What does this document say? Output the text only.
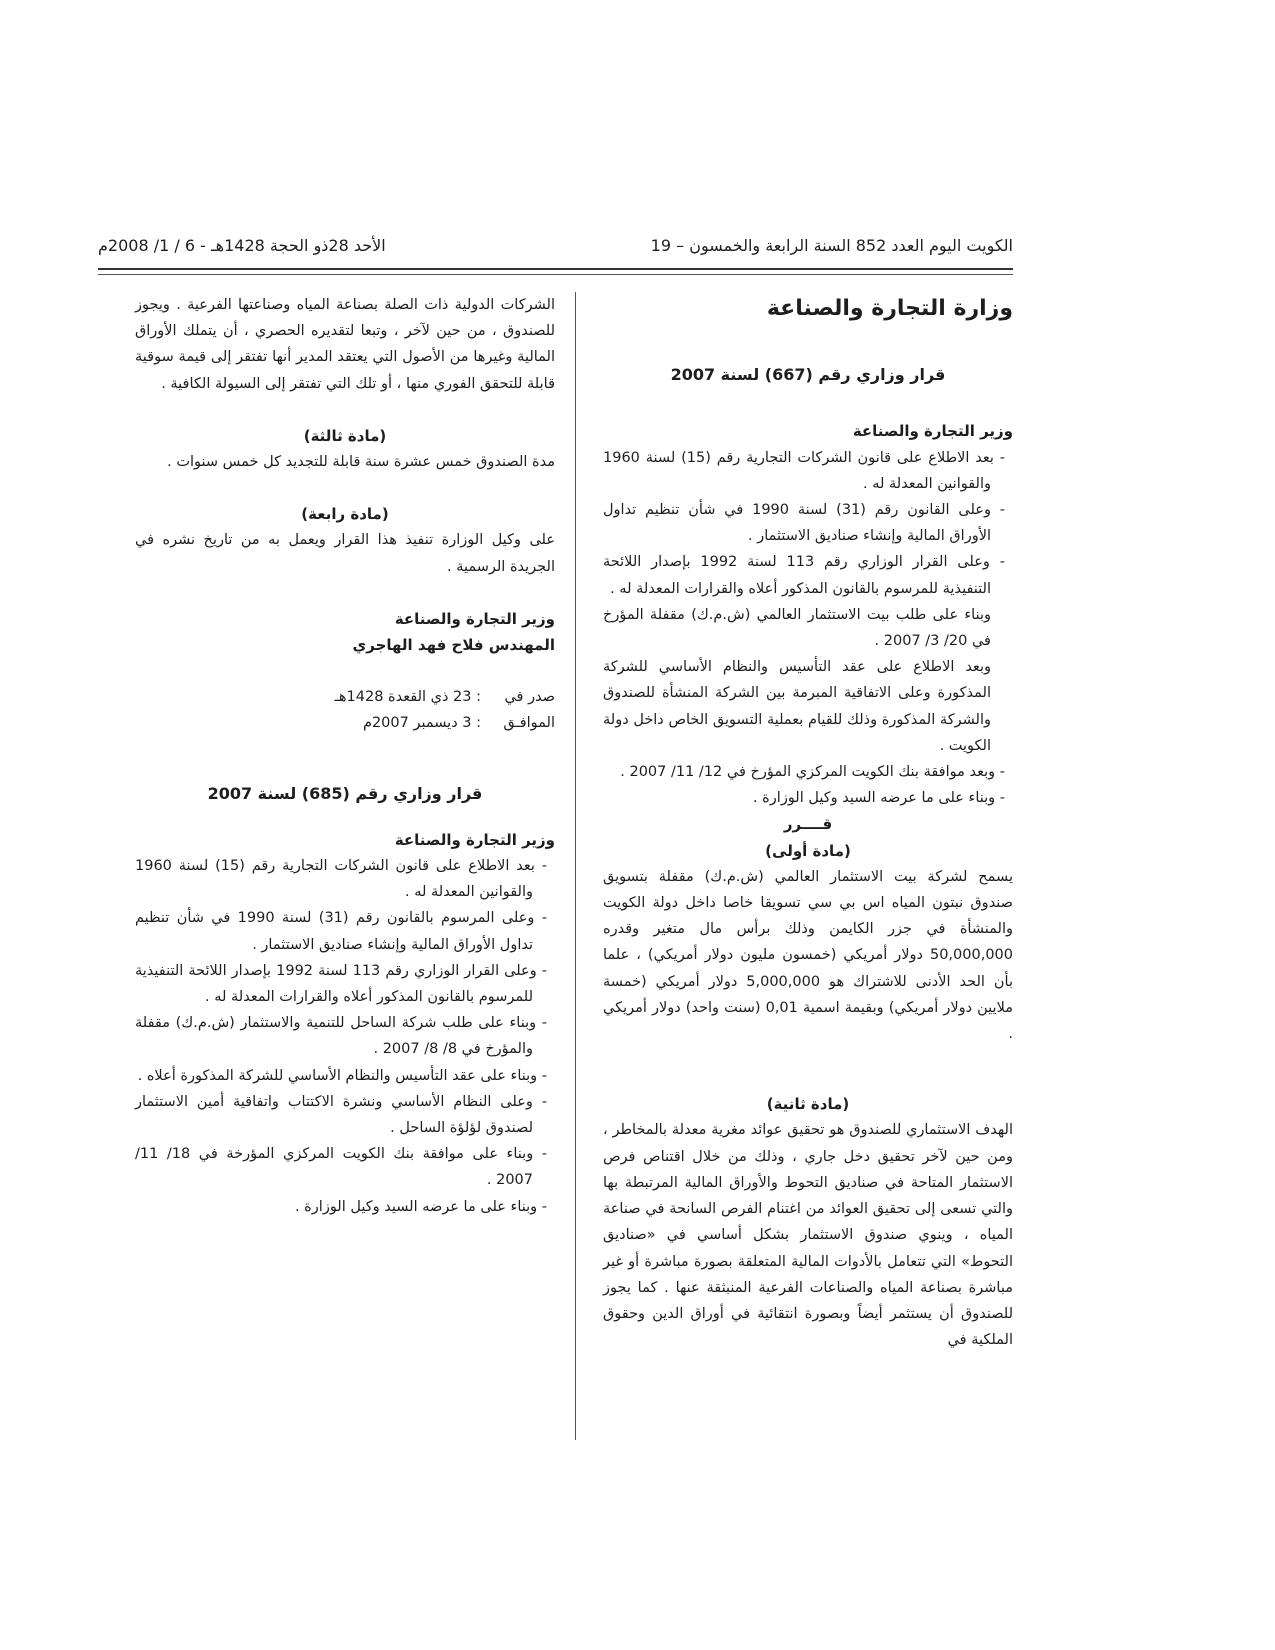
الكويت اليوم العدد 852 السنة الرابعة والخمسون – 19
الأحد 28ذو الحجة 1428هـ - 6 / 1/ 2008م

وزارة التجارة والصناعة

قرار وزاري رقم (667) لسنة 2007

وزير التجارة والصناعة

- بعد الاطلاع على قانون الشركات التجارية رقم (15) لسنة 1960 والقوانين المعدلة له .

- وعلى القانون رقم (31) لسنة 1990 في شأن تنظيم تداول الأوراق المالية وإنشاء صناديق الاستثمار .

- وعلى القرار الوزاري رقم 113 لسنة 1992 بإصدار اللائحة التنفيذية للمرسوم بالقانون المذكور أعلاه والقرارات المعدلة له .

وبناء على طلب بيت الاستثمار العالمي (ش.م.ك) مقفلة المؤرخ في 20/ 3/ 2007 .

وبعد الاطلاع على عقد التأسيس والنظام الأساسي للشركة المذكورة وعلى الاتفاقية المبرمة بين الشركة المنشأة للصندوق والشركة المذكورة وذلك للقيام بعملية التسويق الخاص داخل دولة الكويت .

- وبعد موافقة بنك الكويت المركزي المؤرخ في 12/ 11/ 2007 .

- وبناء على ما عرضه السيد وكيل الوزارة .

قــــرر

(مادة أولى)

يسمح لشركة بيت الاستثمار العالمي (ش.م.ك) مقفلة بتسويق صندوق نبتون المياه اس بي سي تسويقا خاصا داخل دولة الكويت والمنشأة في جزر الكايمن وذلك برأس مال متغير وقدره 50,000,000 دولار أمريكي (خمسون مليون دولار أمريكي) ، علما بأن الحد الأدنى للاشتراك هو 5,000,000 دولار أمريكي (خمسة ملايين دولار أمريكي) وبقيمة اسمية 0,01 (سنت واحد) دولار أمريكي .

(مادة ثانية)

الهدف الاستثماري للصندوق هو تحقيق عوائد مغرية معدلة بالمخاطر ، ومن حين لآخر تحقيق دخل جاري ، وذلك من خلال اقتناص فرص الاستثمار المتاحة في صناديق التحوط والأوراق المالية المرتبطة بها والتي تسعى إلى تحقيق العوائد من اغتنام الفرص السانحة في صناعة المياه ، وينوي صندوق الاستثمار بشكل أساسي في «صناديق التحوط» التي تتعامل بالأدوات المالية المتعلقة بصورة مباشرة أو غير مباشرة بصناعة المياه والصناعات الفرعية المنبثقة عنها . كما يجوز للصندوق أن يستثمر أيضاً وبصورة انتقائية في أوراق الدين وحقوق الملكية في

الشركات الدولية ذات الصلة بصناعة المياه وصناعتها الفرعية . ويجوز للصندوق ، من حين لآخر ، وتبعا لتقديره الحصري ، أن يتملك الأوراق المالية وغيرها من الأصول التي يعتقد المدير أنها تفتقر إلى قيمة سوقية قابلة للتحقق الفوري منها ، أو تلك التي تفتقر إلى السيولة الكافية .

(مادة ثالثة)

مدة الصندوق خمس عشرة سنة قابلة للتجديد كل خمس سنوات .

(مادة رابعة)

على وكيل الوزارة تنفيذ هذا القرار ويعمل به من تاريخ نشره في الجريدة الرسمية .

وزير التجارة والصناعة

المهندس فلاح فهد الهاجري

صدر في
: 23 ذي القعدة 1428هـ
الموافـق
: 3 ديسمبر 2007م

قرار وزاري رقم (685) لسنة 2007

وزير التجارة والصناعة

- بعد الاطلاع على قانون الشركات التجارية رقم (15) لسنة 1960 والقوانين المعدلة له .

- وعلى المرسوم بالقانون رقم (31) لسنة 1990 في شأن تنظيم تداول الأوراق المالية وإنشاء صناديق الاستثمار .

- وعلى القرار الوزاري رقم 113 لسنة 1992 بإصدار اللائحة التنفيذية للمرسوم بالقانون المذكور أعلاه والقرارات المعدلة له .

- وبناء على طلب شركة الساحل للتنمية والاستثمار (ش.م.ك) مقفلة والمؤرخ في 8/ 8/ 2007 .

- وبناء على عقد التأسيس والنظام الأساسي للشركة المذكورة أعلاه .

- وعلى النظام الأساسي ونشرة الاكتتاب واتفاقية أمين الاستثمار لصندوق لؤلؤة الساحل .

- وبناء على موافقة بنك الكويت المركزي المؤرخة في 18/ 11/ 2007 .

- وبناء على ما عرضه السيد وكيل الوزارة .
